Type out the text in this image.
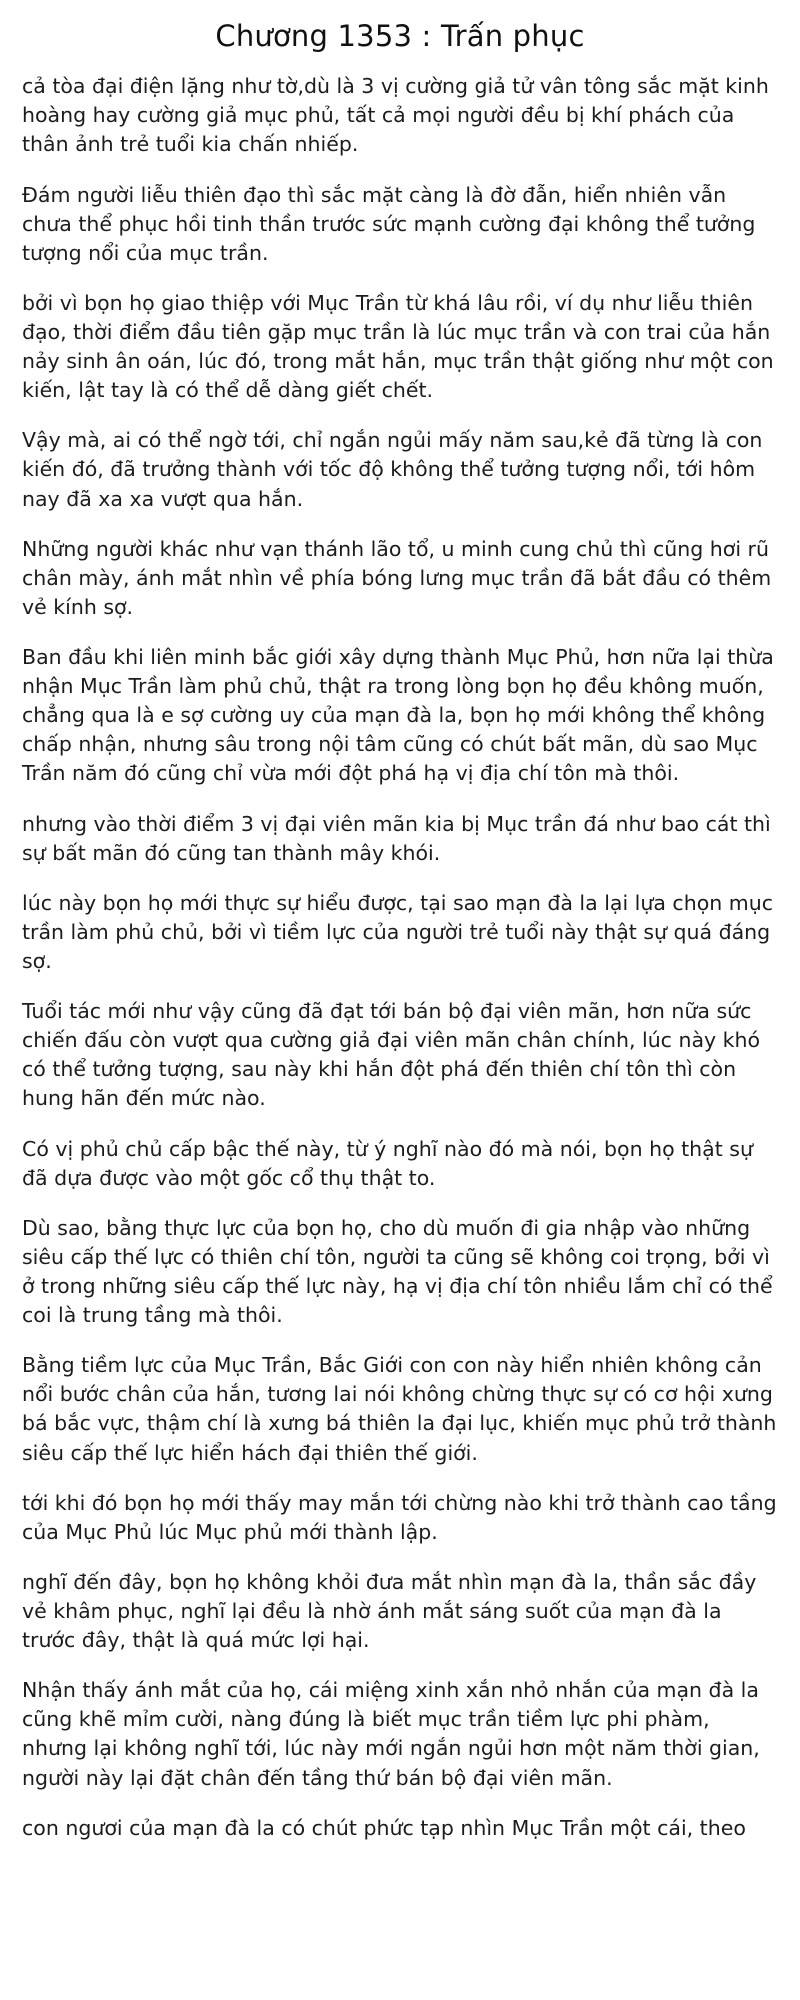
Chương 1353 : Trấn phục

cả tòa đại điện lặng như tờ,dù là 3 vị cường giả tử vân tông sắc mặt kinh hoàng hay cường giả mục phủ, tất cả mọi người đều bị khí phách của thân ảnh trẻ tuổi kia chấn nhiếp.

Đám người liễu thiên đạo thì sắc mặt càng là đờ đẫn, hiển nhiên vẫn chưa thể phục hồi tinh thần trước sức mạnh cường đại không thể tưởng tượng nổi của mục trần.

bởi vì bọn họ giao thiệp với Mục Trần từ khá lâu rồi, ví dụ như liễu thiên đạo, thời điểm đầu tiên gặp mục trần là lúc mục trần và con trai của hắn nảy sinh ân oán, lúc đó, trong mắt hắn, mục trần thật giống như một con kiến, lật tay là có thể dễ dàng giết chết.

Vậy mà, ai có thể ngờ tới, chỉ ngắn ngủi mấy năm sau,kẻ đã từng là con kiến đó, đã trưởng thành với tốc độ không thể tưởng tượng nổi, tới hôm nay đã xa xa vượt qua hắn.

Những người khác như vạn thánh lão tổ, u minh cung chủ thì cũng hơi rũ chân mày, ánh mắt nhìn về phía bóng lưng mục trần đã bắt đầu có thêm vẻ kính sợ.

Ban đầu khi liên minh bắc giới xây dựng thành Mục Phủ, hơn nữa lại thừa nhận Mục Trần làm phủ chủ, thật ra trong lòng bọn họ đều không muốn, chẳng qua là e sợ cường uy của mạn đà la, bọn họ mới không thể không chấp nhận, nhưng sâu trong nội tâm cũng có chút bất mãn, dù sao Mục Trần năm đó cũng chỉ vừa mới đột phá hạ vị địa chí tôn mà thôi.

nhưng vào thời điểm 3 vị đại viên mãn kia bị Mục trần đá như bao cát thì sự bất mãn đó cũng tan thành mây khói.

lúc này bọn họ mới thực sự hiểu được, tại sao mạn đà la lại lựa chọn mục trần làm phủ chủ, bởi vì tiềm lực của người trẻ tuổi này thật sự quá đáng sợ.

Tuổi tác mới như vậy cũng đã đạt tới bán bộ đại viên mãn, hơn nữa sức chiến đấu còn vượt qua cường giả đại viên mãn chân chính, lúc này khó có thể tưởng tượng, sau này khi hắn đột phá đến thiên chí tôn thì còn hung hãn đến mức nào.

Có vị phủ chủ cấp bậc thế này, từ ý nghĩ nào đó mà nói, bọn họ thật sự đã dựa được vào một gốc cổ thụ thật to.

Dù sao, bằng thực lực của bọn họ, cho dù muốn đi gia nhập vào những siêu cấp thế lực có thiên chí tôn, người ta cũng sẽ không coi trọng, bởi vì ở trong những siêu cấp thế lực này, hạ vị địa chí tôn nhiều lắm chỉ có thể coi là trung tầng mà thôi.

Bằng tiềm lực của Mục Trần, Bắc Giới con con này hiển nhiên không cản nổi bước chân của hắn, tương lai nói không chừng thực sự có cơ hội xưng bá bắc vực, thậm chí là xưng bá thiên la đại lục, khiến mục phủ trở thành siêu cấp thế lực hiển hách đại thiên thế giới.

tới khi đó bọn họ mới thấy may mắn tới chừng nào khi trở thành cao tầng của Mục Phủ lúc Mục phủ mới thành lập.

nghĩ đến đây, bọn họ không khỏi đưa mắt nhìn mạn đà la, thần sắc đầy vẻ khâm phục, nghĩ lại đều là nhờ ánh mắt sáng suốt của mạn đà la trước đây, thật là quá mức lợi hại.

Nhận thấy ánh mắt của họ, cái miệng xinh xắn nhỏ nhắn của mạn đà la cũng khẽ mỉm cười, nàng đúng là biết mục trần tiềm lực phi phàm, nhưng lại không nghĩ tới, lúc này mới ngắn ngủi hơn một năm thời gian, người này lại đặt chân đến tầng thứ bán bộ đại viên mãn.

con ngươi của mạn đà la có chút phức tạp nhìn Mục Trần một cái, theo
